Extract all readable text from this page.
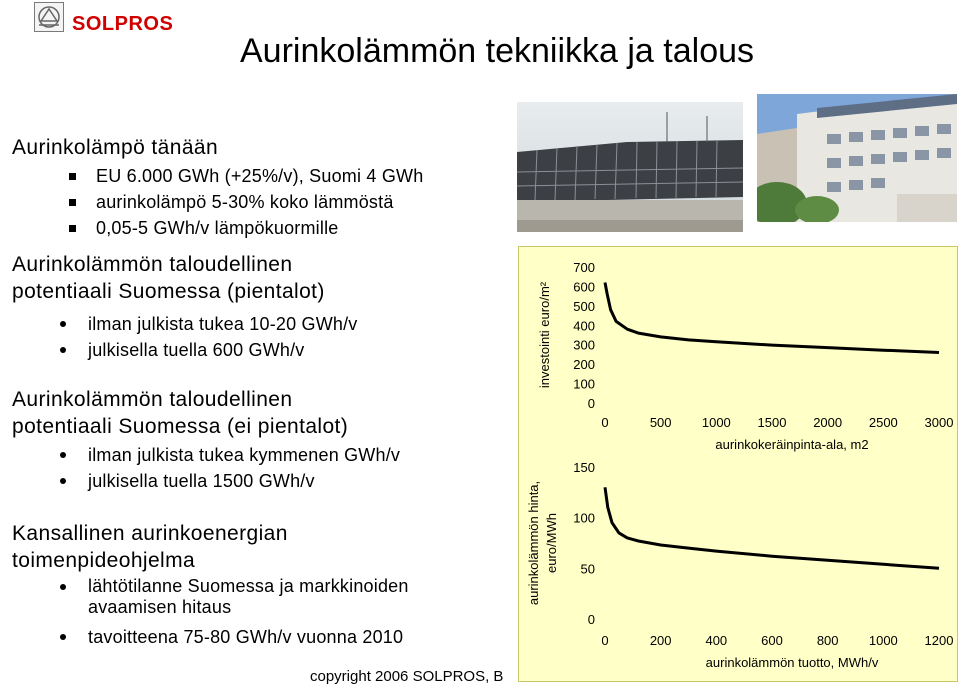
SOLPROS
Aurinkolämmön tekniikka ja talous
Aurinkolämpö tänään
EU 6.000 GWh (+25%/v), Suomi 4 GWh
aurinkolämpö 5-30% koko lämmöstä
0,05-5 GWh/v lämpökuormille
Aurinkolämmön taloudellinen
potentiaali Suomessa (pientalot)
ilman julkista tukea 10-20 GWh/v
julkisella tuella 600 GWh/v
Aurinkolämmön taloudellinen
potentiaali Suomessa (ei pientalot)
ilman julkista tukea kymmenen GWh/v
julkisella tuella 1500 GWh/v
Kansallinen aurinkoenergian
toimenpideohjelma
lähtötilanne Suomessa ja markkinoiden avaamisen hitaus
tavoitteena 75-80 GWh/v vuonna 2010
700
600
500
400
300
200
100
0
0	500 1000 1500 2000 2500 3000
aurinkokeräinpinta-ala, m2
investointi euro/m²
150
100
50
0
0	200	400	600	800 1000 1200
aurinkolämmön tuotto, MWh/v
aurinkolämmön hinta, euro/MWh
copyright 2006 SOLPROS, B
